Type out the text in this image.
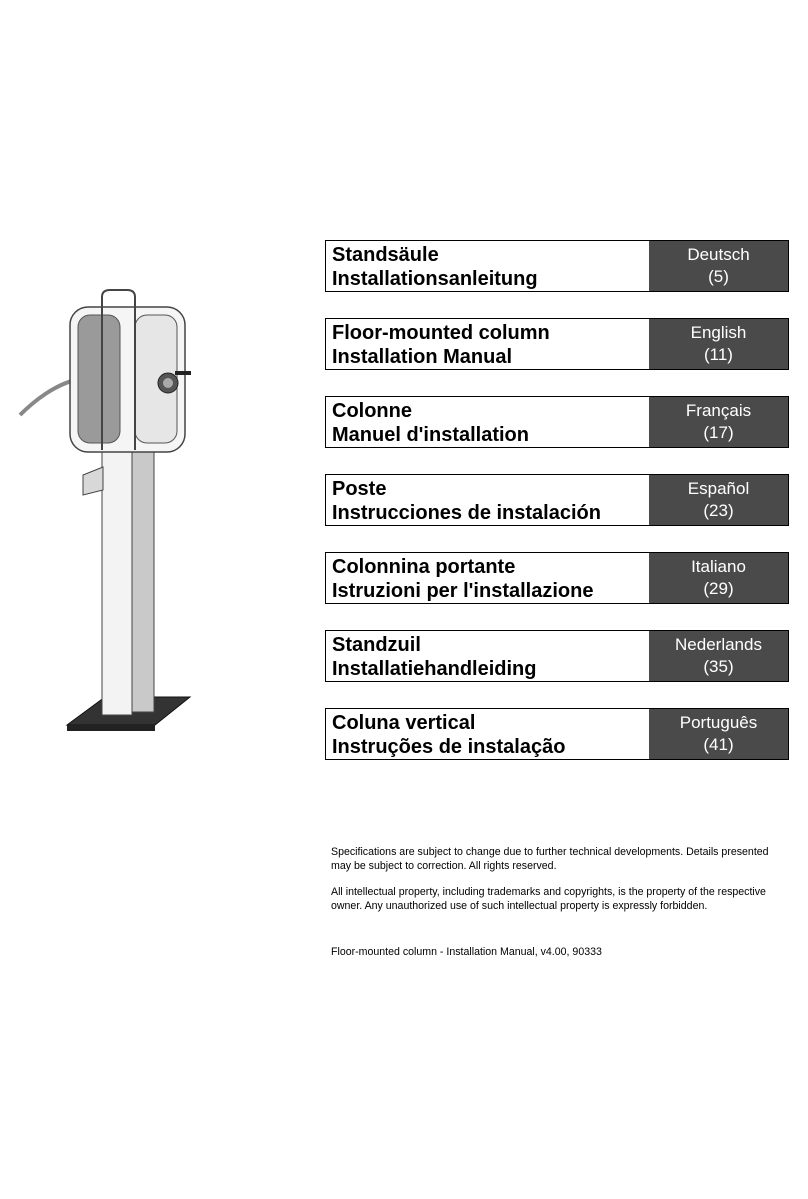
Standsäule
Installationsanleitung
Deutsch
(5)
Floor-mounted column
Installation Manual
English
(11)
Colonne
Manuel d'installation
Français
(17)
Poste
Instrucciones de instalación
Español
(23)
Colonnina portante
Istruzioni per l'installazione
Italiano
(29)
Standzuil
Installatiehandleiding
Nederlands
(35)
Coluna vertical
Instruções de instalação
Português
(41)

Specifications are subject to change due to further technical developments. Details presented may be subject to correction. All rights reserved.

All intellectual property, including trademarks and copyrights, is the property of the respective owner. Any unauthorized use of such intellectual property is expressly forbidden.

Floor-mounted column - Installation Manual, v4.00, 90333
